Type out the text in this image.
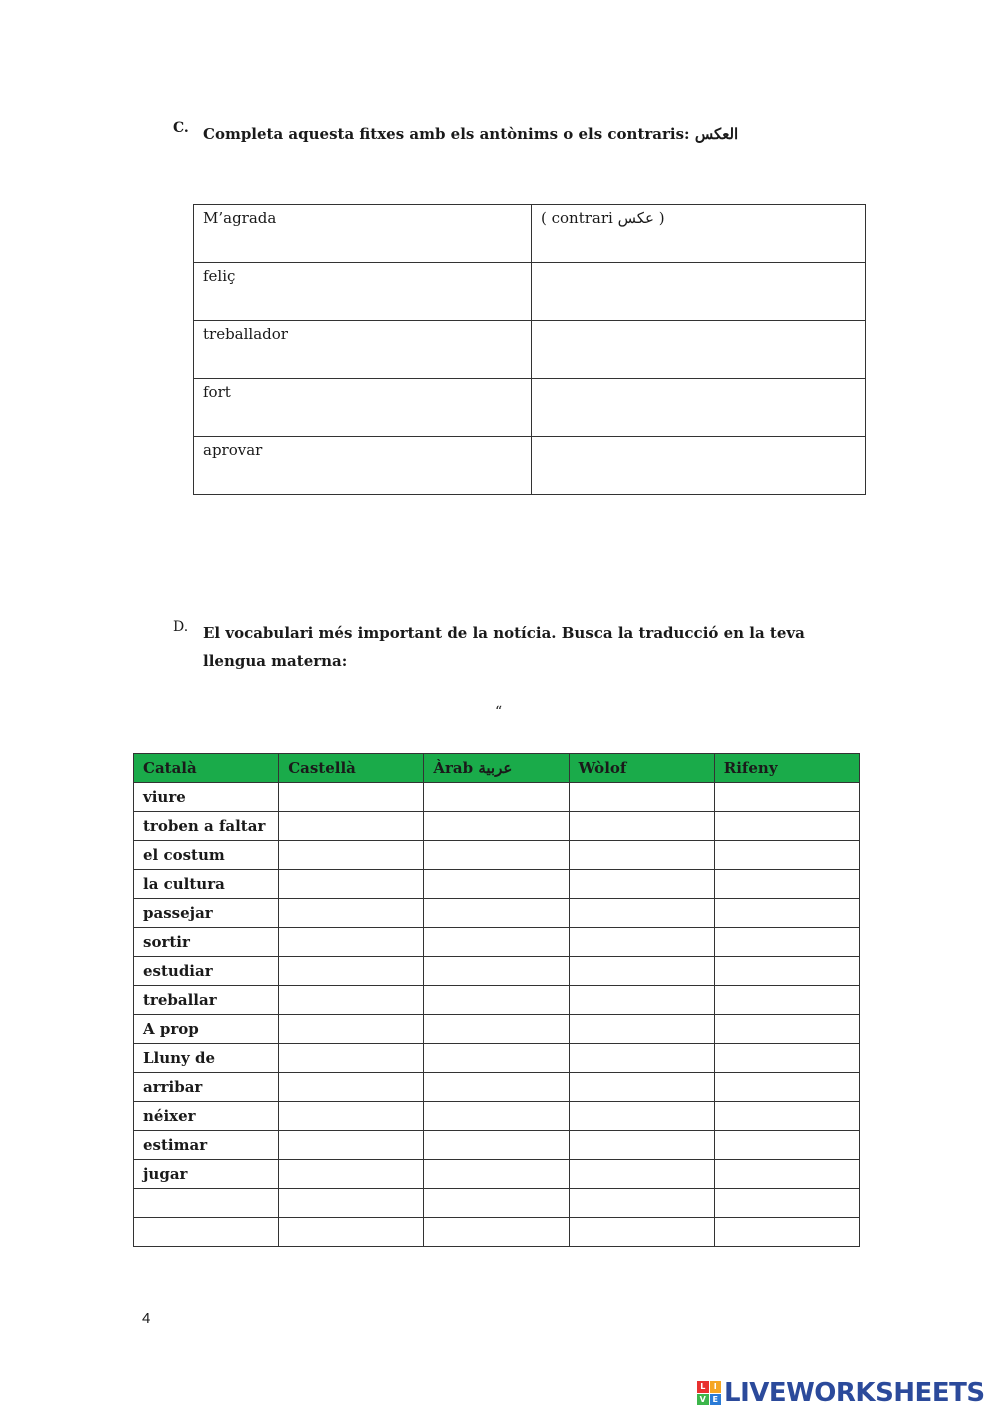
C. Completa aquesta fitxes amb els antònims o els contraris: العكس
M’agrada	( contrari عكس )
feliç	
treballador	
fort	
aprovar	
D. El vocabulari més important de la notícia. Busca la traducció en la teva llengua materna:
“
Català	Castellà	Àrab عربية	Wòlof	Rifeny
viure				
troben a faltar				
el costum				
la cultura				
passejar				
sortir				
estudiar				
treballar				
A prop				
Lluny de				
arribar				
néixer				
estimar				
jugar				

4
L	I
V E LIVEWORKSHEETS
